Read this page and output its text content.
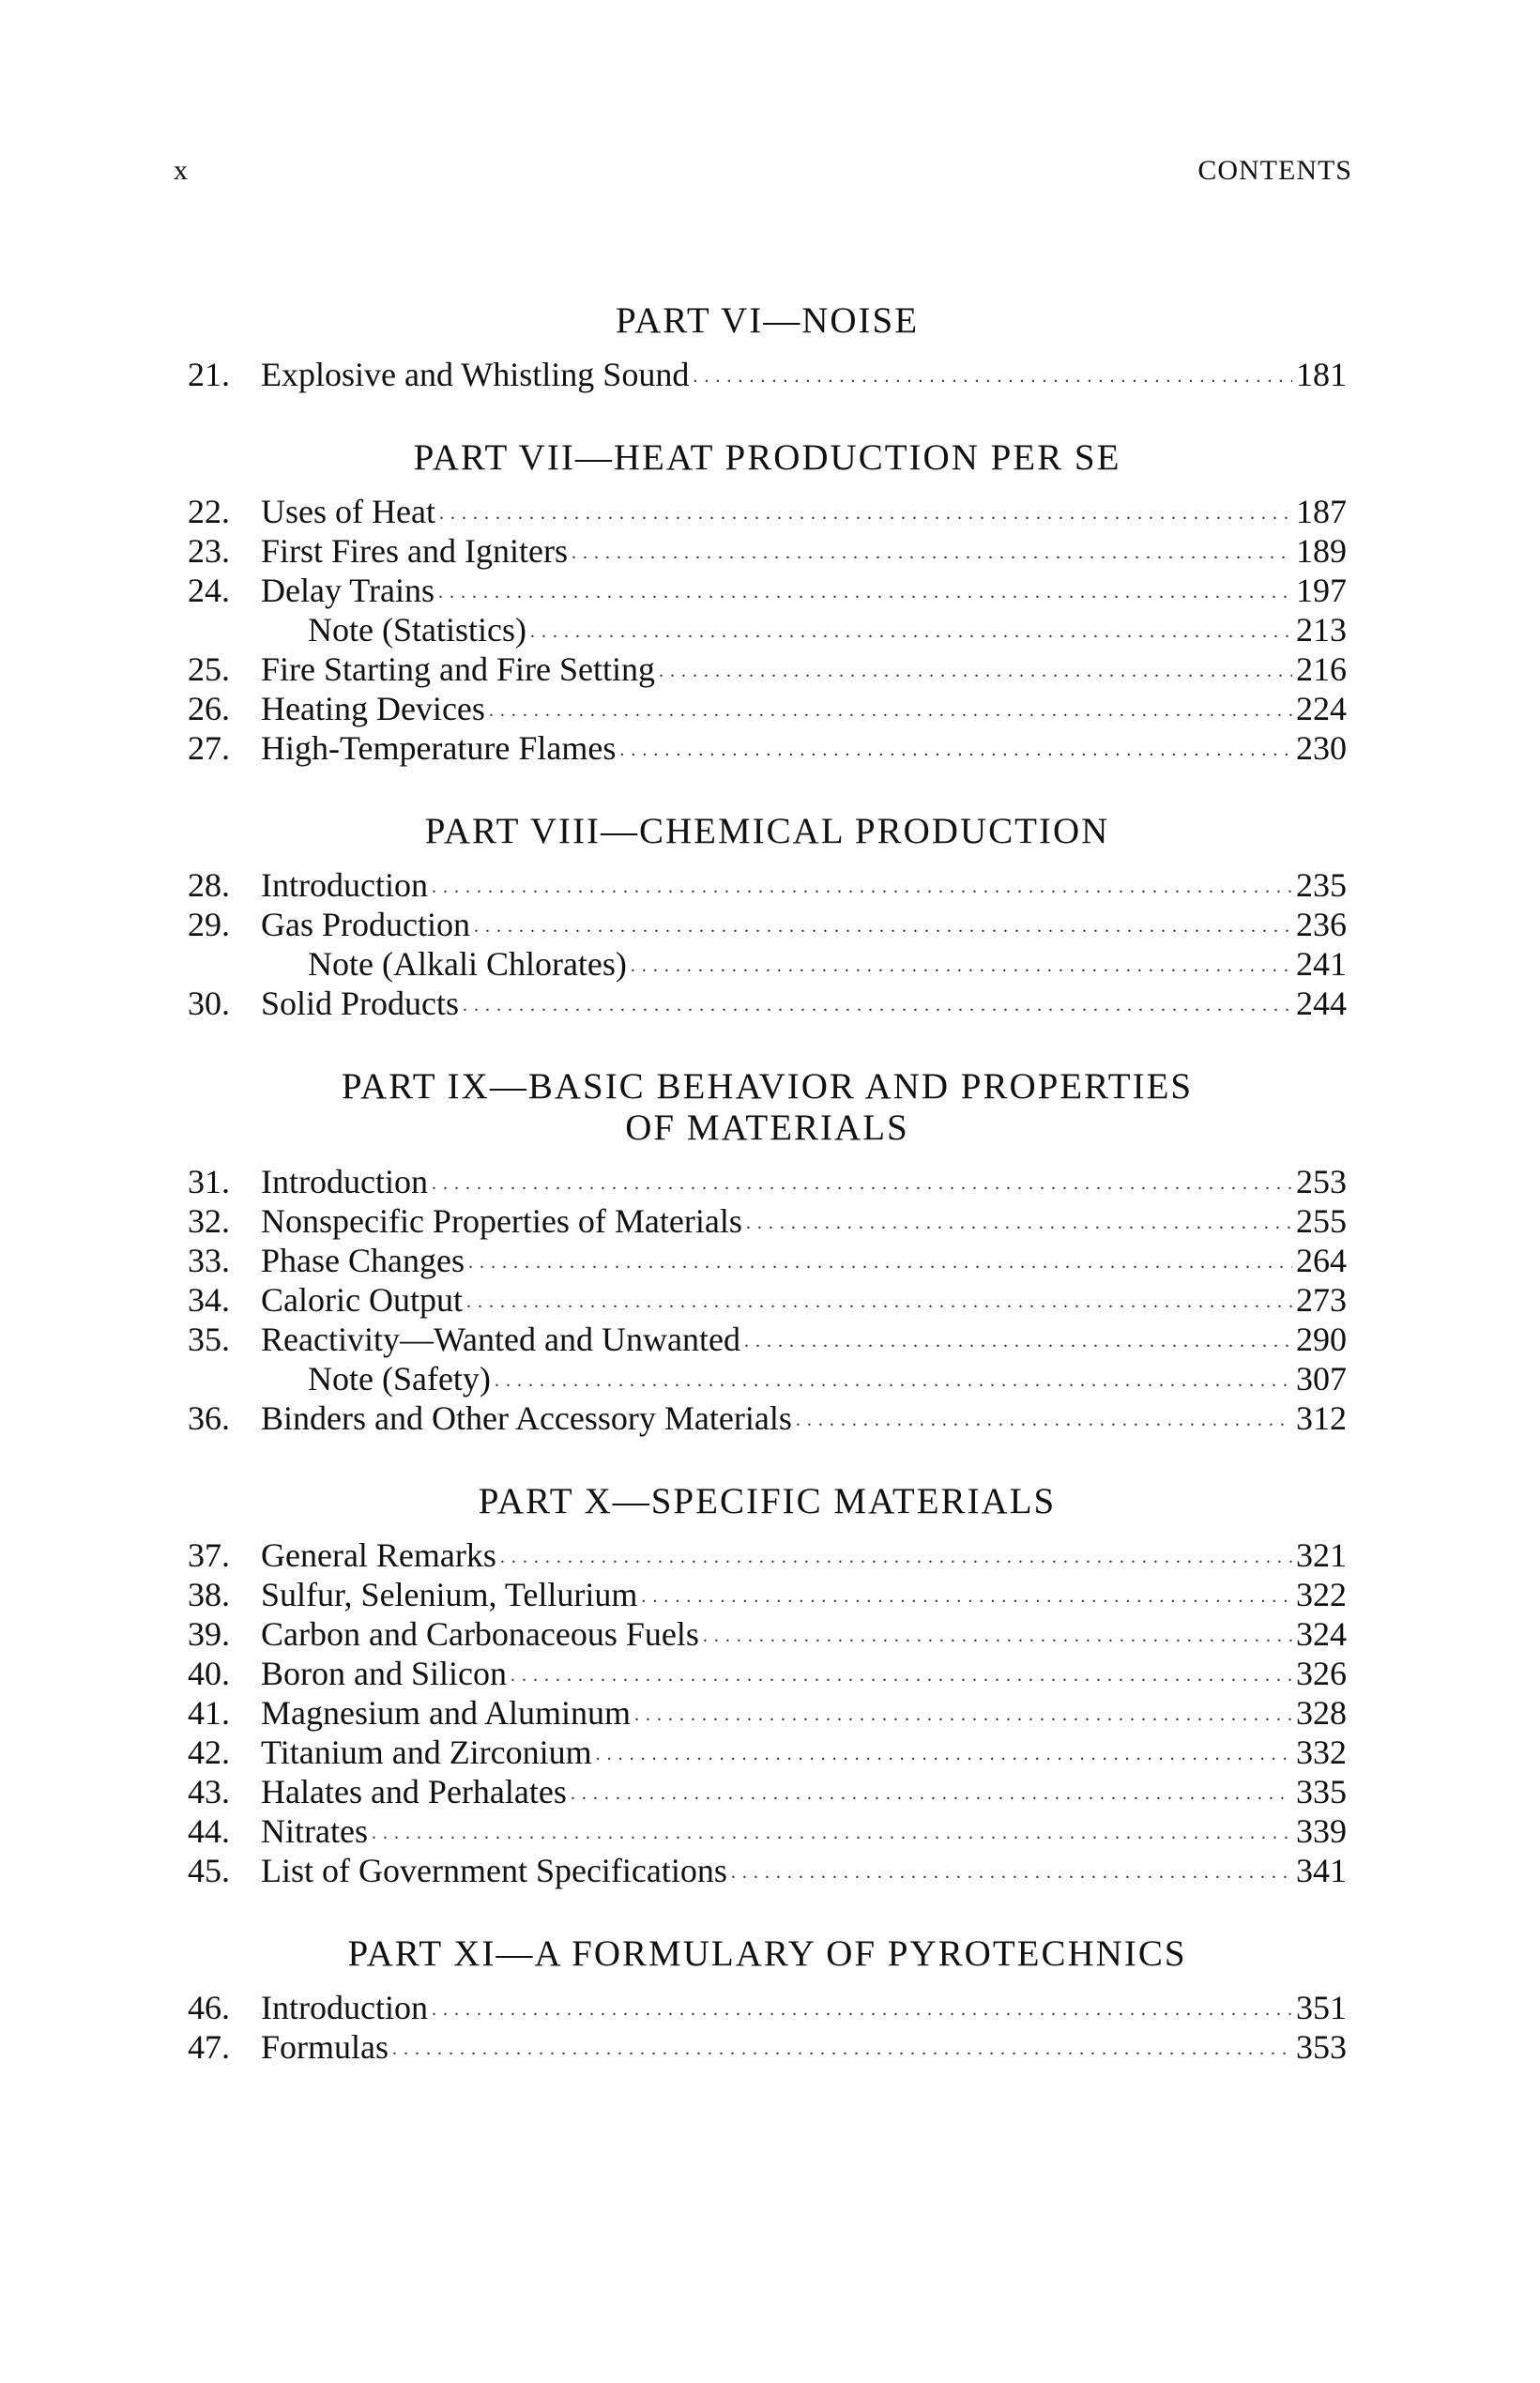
x	CONTENTS
PART VI—NOISE
21. Explosive and Whistling Sound . . .	181
PART VII—HEAT PRODUCTION PER SE
22. Uses of Heat . . .	187
23. First Fires and Igniters . . .	189
24. Delay Trains . . .	197
Note (Statistics) . . .	213
25. Fire Starting and Fire Setting . . .	216
26. Heating Devices . . .	224
27. High-Temperature Flames . . .	230
PART VIII—CHEMICAL PRODUCTION
28. Introduction . . .	235
29. Gas Production . . .	236
Note (Alkali Chlorates) . . .	241
30. Solid Products . . .	244
PART IX—BASIC BEHAVIOR AND PROPERTIES
OF MATERIALS
31. Introduction . . .	253
32. Nonspecific Properties of Materials . . .	255
33. Phase Changes . . .	264
34. Caloric Output . . .	273
35. Reactivity—Wanted and Unwanted . . .	290
Note (Safety) . . .	307
36. Binders and Other Accessory Materials . . .	312
PART X—SPECIFIC MATERIALS
37. General Remarks . . .	321
38. Sulfur, Selenium, Tellurium . . .	322
39. Carbon and Carbonaceous Fuels . . .	324
40. Boron and Silicon . . .	326
41. Magnesium and Aluminum . . .	328
42. Titanium and Zirconium . . .	332
43. Halates and Perhalates . . .	335
44. Nitrates . . .	339
45. List of Government Specifications . . .	341
PART XI—A FORMULARY OF PYROTECHNICS
46. Introduction . . .	351
47. Formulas . . .	353
